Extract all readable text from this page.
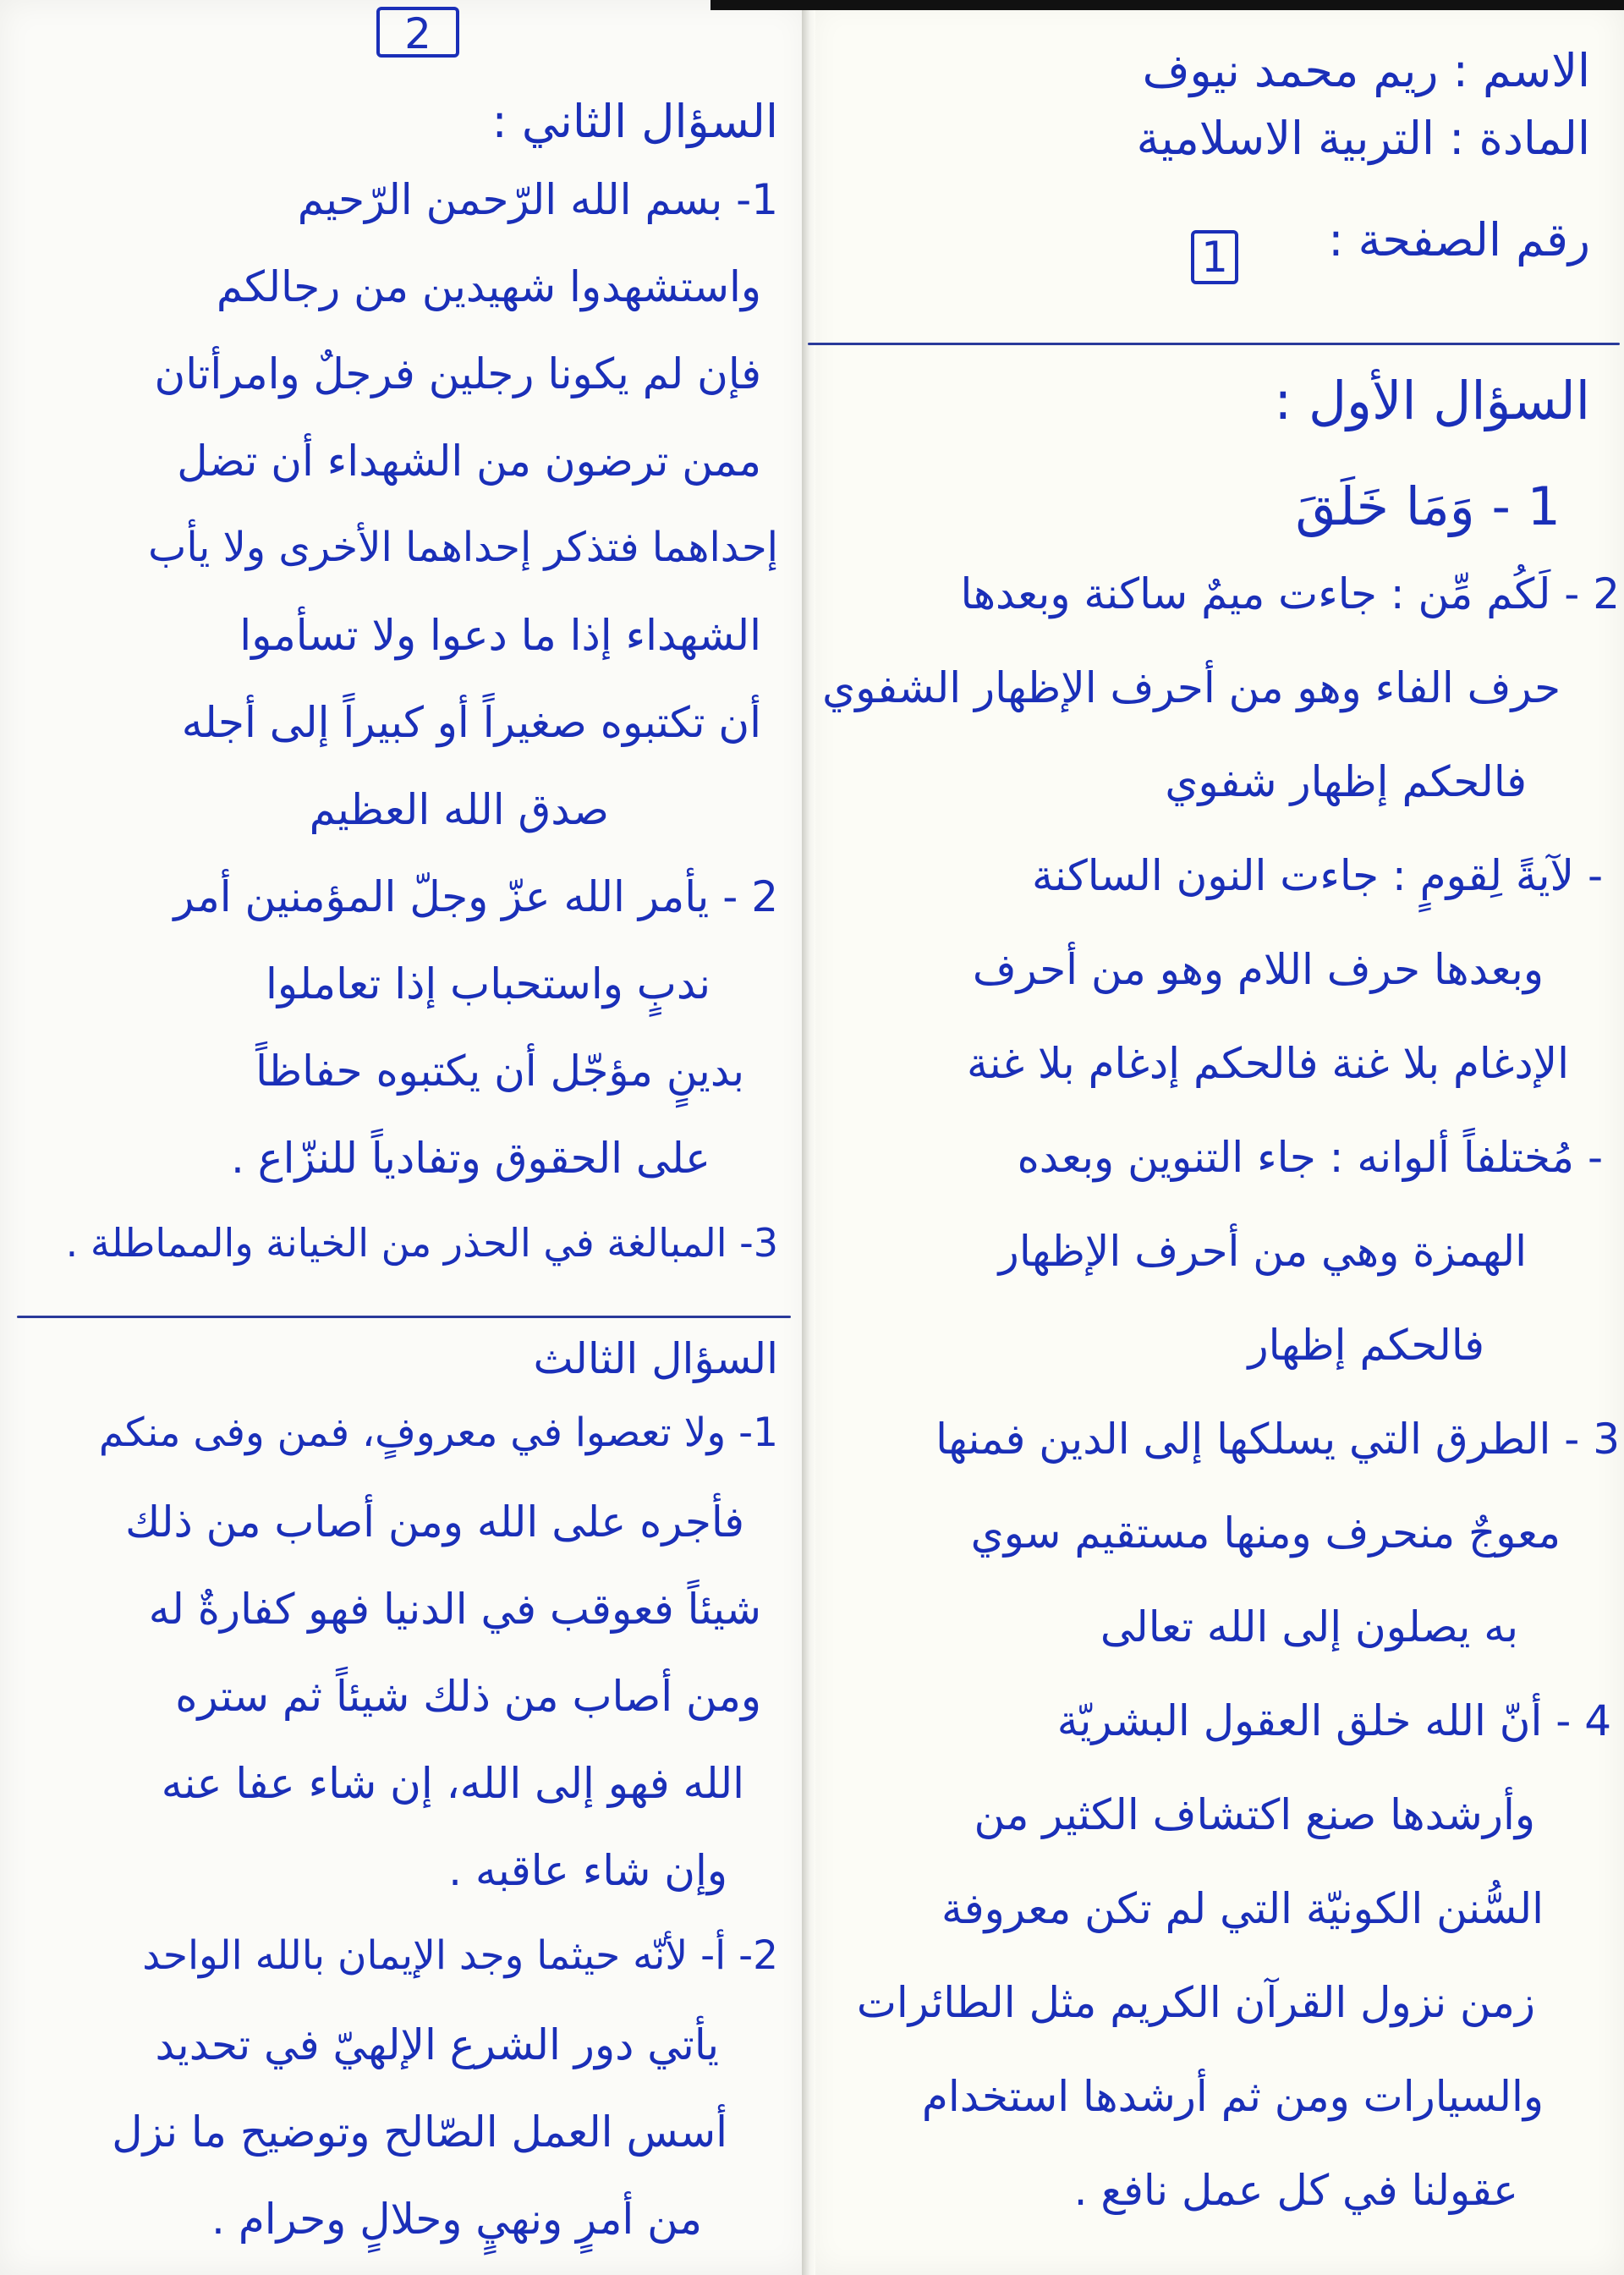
الاسم : ريم محمد نيوف
المادة : التربية الاسلامية
رقم الصفحة :
1
2
السؤال الأول :
1 - وَمَا خَلَقَ
2 - لَكُم مِّن : جاءت ميمٌ ساكنة وبعدها
حرف الفاء وهو من أحرف الإظهار الشفوي
فالحكم إظهار شفوي
- لآيةً لِقومٍ : جاءت النون الساكنة
وبعدها حرف اللام وهو من أحرف
الإدغام بلا غنة فالحكم إدغام بلا غنة
- مُختلفاً ألوانه : جاء التنوين وبعده
الهمزة وهي من أحرف الإظهار
فالحكم إظهار
3 - الطرق التي يسلكها إلى الدين فمنها
معوجٌ منحرف ومنها مستقيم سوي
به يصلون إلى الله تعالى
4 - أنّ الله خلق العقول البشريّة
وأرشدها صنع اكتشاف الكثير من
السُّنن الكونيّة التي لم تكن معروفة
زمن نزول القرآن الكريم مثل الطائرات
والسيارات ومن ثم أرشدها استخدام
عقولنا في كل عمل نافع .
السؤال الثاني :
1- بسم الله الرّحمن الرّحيم
واستشهدوا شهيدين من رجالكم
فإن لم يكونا رجلين فرجلٌ وامرأتان
ممن ترضون من الشهداء أن تضل
إحداهما فتذكر إحداهما الأخرى ولا يأب
الشهداء إذا ما دعوا ولا تسأموا
أن تكتبوه صغيراً أو كبيراً إلى أجله
صدق الله العظيم
2 - يأمر الله عزّ وجلّ المؤمنين أمر
ندبٍ واستحباب إذا تعاملوا
بدينٍ مؤجّل أن يكتبوه حفاظاً
على الحقوق وتفادياً للنزّاع .
3- المبالغة في الحذر من الخيانة والمماطلة .
السؤال الثالث
1- ولا تعصوا في معروفٍ، فمن وفى منكم
فأجره على الله ومن أصاب من ذلك
شيئاً فعوقب في الدنيا فهو كفارةٌ له
ومن أصاب من ذلك شيئاً ثم ستره
الله فهو إلى الله، إن شاء عفا عنه
وإن شاء عاقبه .
2- أ- لأنّه حيثما وجد الإيمان بالله الواحد
يأتي دور الشرع الإلهيّ في تحديد
أسس العمل الصّالح وتوضيح ما نزل
من أمرٍ ونهيٍ وحلالٍ وحرام .
